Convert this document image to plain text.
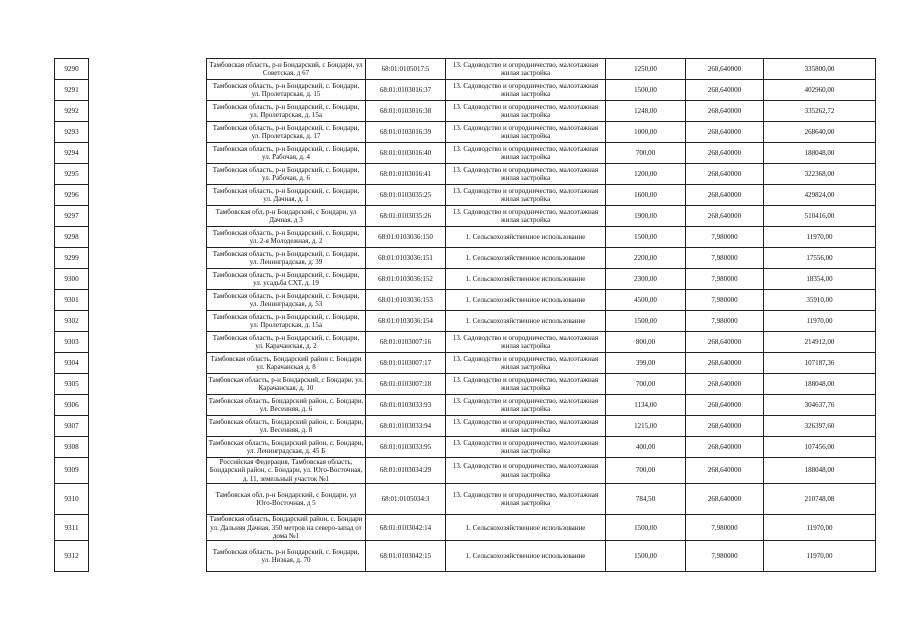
9290		Тамбовская область, р-н Бондарский, с Бондари, ул Советская, д 67	68:01:0105017:5	13. Садоводство и огородничество, малоэтажная жилая застройка	1250,00	268,640000	335800,00
9291		Тамбовская область, р-н Бондарский, с. Бондари, ул. Пролетарская, д. 15	68:01:0103016:37	13. Садоводство и огородничество, малоэтажная жилая застройка	1500,00	268,640000	402960,00
9292		Тамбовская область, р-н Бондарский, с. Бондари, ул. Пролетарская, д. 15а	68:01:0103016:38	13. Садоводство и огородничество, малоэтажная жилая застройка	1248,00	268,640000	335262,72
9293		Тамбовская область, р-н Бондарский, с. Бондари, ул. Пролетарская, д. 17	68:01:0103016:39	13. Садоводство и огородничество, малоэтажная жилая застройка	1000,00	268,640000	268640,00
9294		Тамбовская область, р-н Бондарский, с. Бондари, ул. Рабочая, д. 4	68:01:0103016:40	13. Садоводство и огородничество, малоэтажная жилая застройка	700,00	268,640000	188048,00
9295		Тамбовская область, р-н Бондарский, с. Бондари, ул. Рабочая, д. 6	68:01:0103016:41	13. Садоводство и огородничество, малоэтажная жилая застройка	1200,00	268,640000	322368,00
9296		Тамбовская область, р-н Бондарский, с. Бондари, ул. Дачная, д. 1	68:01:0103035:25	13. Садоводство и огородничество, малоэтажная жилая застройка	1600,00	268,640000	429824,00
9297		Тамбовская обл, р-н Бондарский, с Бондари, ул Дачная, д 3	68:01:0103035:26	13. Садоводство и огородничество, малоэтажная жилая застройка	1900,00	268,640000	510416,00
9298		Тамбовская область, р-н Бондарский, с. Бондари, ул. 2-я Молодежная, д. 2	68:01:0103036:150	1. Сельскохозяйственное использование	1500,00	7,980000	11970,00
9299		Тамбовская область, р-н Бондарский, с. Бондари, ул. Ленинградская, д. 39	68:01:0103036:151	1. Сельскохозяйственное использование	2200,00	7,980000	17556,00
9300		Тамбовская область, р-н Бондарский, с. Бондари, ул. усадьба СХТ, д. 19	68:01:0103036:152	1. Сельскохозяйственное использование	2300,00	7,980000	18354,00
9301		Тамбовская область, р-н Бондарский, с. Бондари, ул. Ленинградская, д. 53	68:01:0103036:153	1. Сельскохозяйственное использование	4500,00	7,980000	35910,00
9302		Тамбовская область, р-н Бондарский, с. Бондари, ул. Пролетарская, д. 15а	68:01:0103036:154	1. Сельскохозяйственное использование	1500,00	7,980000	11970,00
9303		Тамбовская область, р-н Бондарский, с. Бондари, ул. Карачанская, д. 2	68:01:0103007:16	13. Садоводство и огородничество, малоэтажная жилая застройка	800,00	268,640000	214912,00
9304		Тамбовская область, Бондарский район с. Бондари ул. Карачанская д. 8	68:01:0103007:17	13. Садоводство и огородничество, малоэтажная жилая застройка	399,00	268,640000	107187,36
9305		Тамбовская область, р-н Бондарский, с Бондари, ул. Карачанская, д. 10	68:01:0103007:18	13. Садоводство и огородничество, малоэтажная жилая застройка	700,00	268,640000	188048,00
9306		Тамбовская область, Бондарский район, с. Бондари, ул. Весенняя, д. 6	68:01:0103033:93	13. Садоводство и огородничество, малоэтажная жилая застройка	1134,00	268,640000	304637,76
9307		Тамбовская область, Бондарский район, с. Бондари, ул. Весенняя, д. 8	68:01:0103033:94	13. Садоводство и огородничество, малоэтажная жилая застройка	1215,00	268,640000	326397,60
9308		Тамбовская область, Бондарский район, с. Бондари, ул. Ленинградская, д. 45 Б	68:01:0103033:95	13. Садоводство и огородничество, малоэтажная жилая застройка	400,00	268,640000	107456,00
9309		Российская Федерация, Тамбовская область, Бондарский район, с. Бондари, ул. Юго-Восточная, д. 11, земельный участок №1	68:01:0103034:29	13. Садоводство и огородничество, малоэтажная жилая застройка	700,00	268,640000	188048,00
9310		Тамбовская обл, р-н Бондарский, с Бондари, ул Юго-Восточная, д 5	68:01:0105034:3	13. Садоводство и огородничество, малоэтажная жилая застройка	784,50	268,640000	210748,08
9311		Тамбовская область, Бондарский район, с. Бондари ул. Дальняя Дачная, 350 метров на северо-запад от дома №1	68:01:0103042:14	1. Сельскохозяйственное использование	1500,00	7,980000	11970,00
9312		Тамбовская область, р-н Бондарский, с. Бондари, ул. Низкая, д. 70	68:01:0103042:15	1. Сельскохозяйственное использование	1500,00	7,980000	11970,00
